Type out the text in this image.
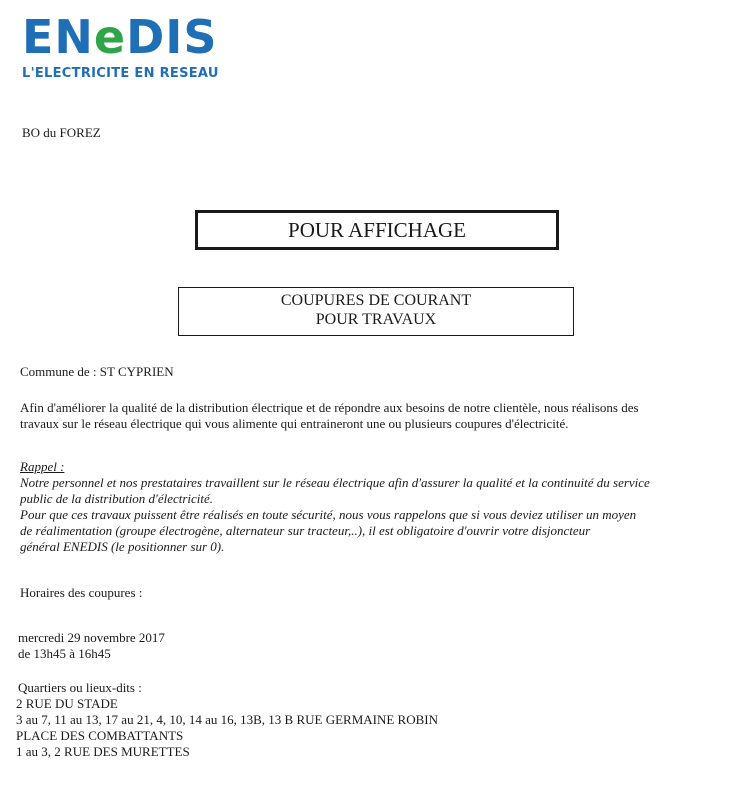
ENeDIS
L'ELECTRICITE EN RESEAU
BO du FOREZ
POUR AFFICHAGE
COUPURES DE COURANT
POUR TRAVAUX
Commune de : ST CYPRIEN
Afin d'améliorer la qualité de la distribution électrique et de répondre aux besoins de notre clientèle, nous réalisons des
travaux sur le réseau électrique qui vous alimente qui entraineront une ou plusieurs coupures d'électricité.
Rappel :
Notre personnel et nos prestataires travaillent sur le réseau électrique afin d'assurer la qualité et la continuité du service
public de la distribution d'électricité.
Pour que ces travaux puissent être réalisés en toute sécurité, nous vous rappelons que si vous deviez utiliser un moyen
de réalimentation (groupe électrogène, alternateur sur tracteur,..), il est obligatoire d'ouvrir votre disjoncteur
général ENEDIS (le positionner sur 0).
Horaires des coupures :
mercredi 29 novembre 2017
de 13h45 à 16h45
Quartiers ou lieux-dits :
2 RUE DU STADE
3 au 7, 11 au 13, 17 au 21, 4, 10, 14 au 16, 13B, 13 B RUE GERMAINE ROBIN
PLACE DES COMBATTANTS
1 au 3, 2 RUE DES MURETTES
